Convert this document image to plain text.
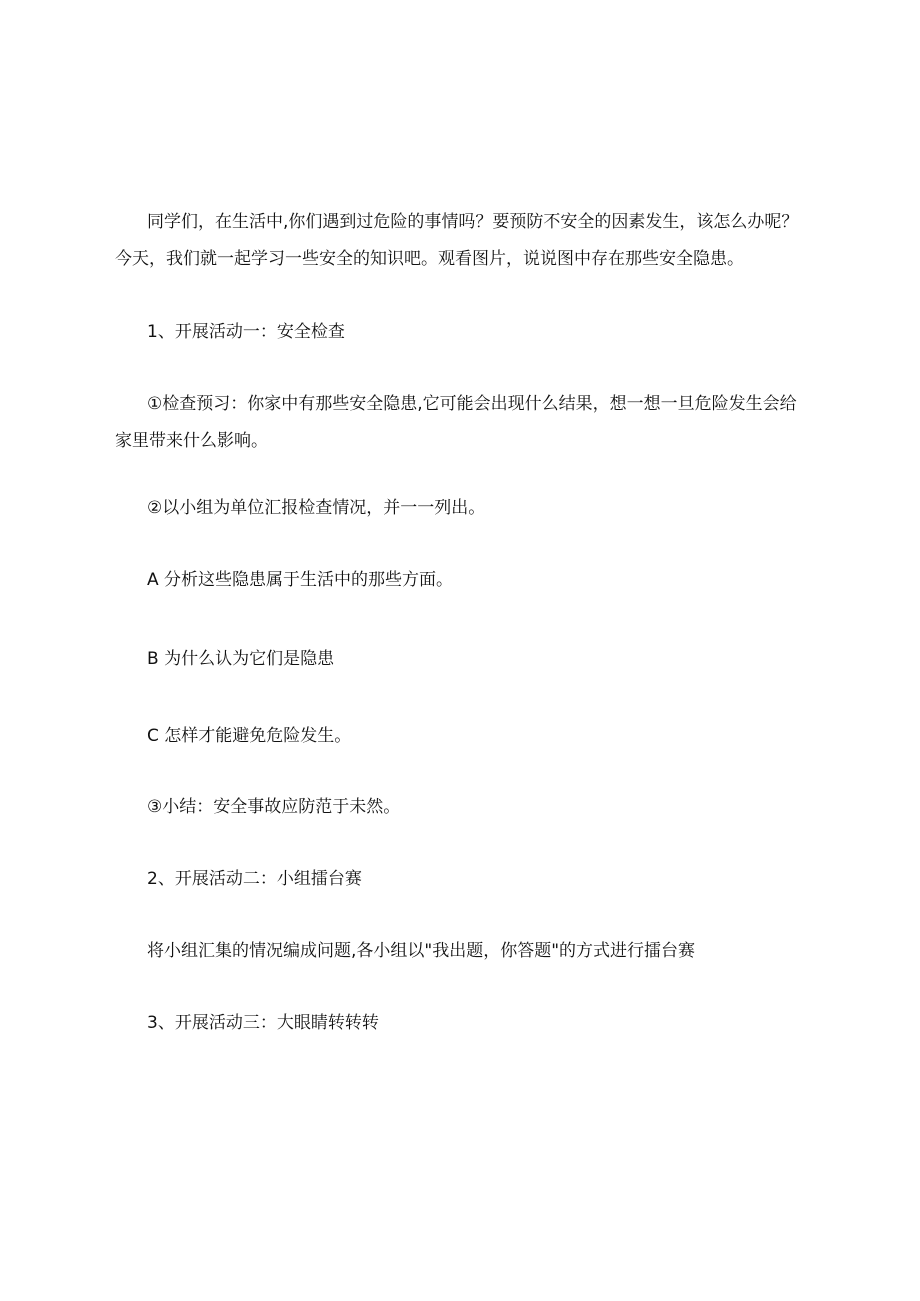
同学们，在生活中,你们遇到过危险的事情吗？要预防不安全的因素发生，该怎么办呢？

今天，我们就一起学习一些安全的知识吧。观看图片，说说图中存在那些安全隐患。

1、开展活动一：安全检查

①检查预习：你家中有那些安全隐患,它可能会出现什么结果，想一想一旦危险发生会给

家里带来什么影响。

②以小组为单位汇报检查情况，并一一列出。

A 分析这些隐患属于生活中的那些方面。

B 为什么认为它们是隐患

C 怎样才能避免危险发生。

③小结：安全事故应防范于未然。

2、开展活动二：小组擂台赛

将小组汇集的情况编成问题,各小组以"我出题，你答题"的方式进行擂台赛

3、开展活动三：大眼睛转转转
